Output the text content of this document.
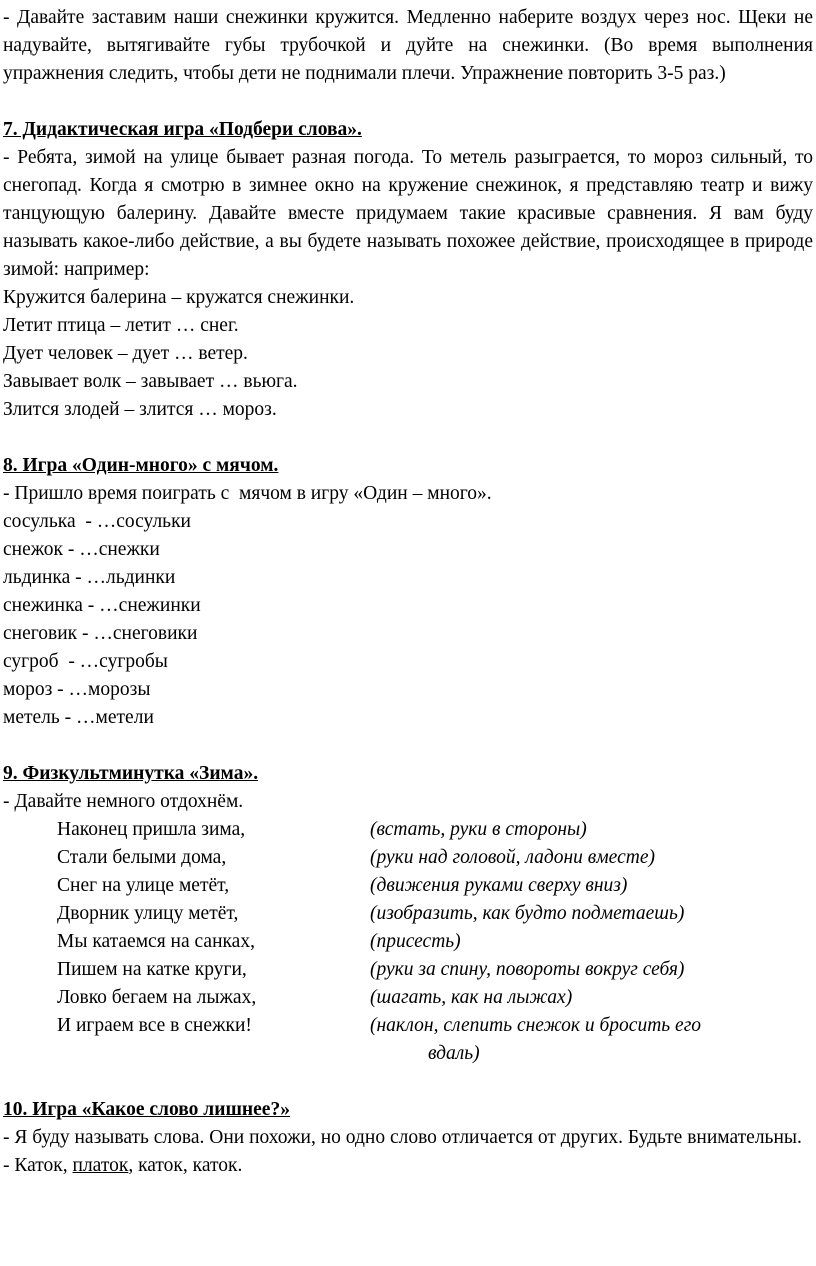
- Давайте заставим наши снежинки кружится. Медленно наберите воздух через нос. Щеки не надувайте, вытягивайте губы трубочкой и дуйте на снежинки. (Во время выполнения упражнения следить, чтобы дети не поднимали плечи. Упражнение повторить 3-5 раз.)

7. Дидактическая игра «Подбери слова».

- Ребята, зимой на улице бывает разная погода. То метель разыграется, то мороз сильный, то снегопад. Когда я смотрю в зимнее окно на кружение снежинок, я представляю театр и вижу танцующую балерину. Давайте вместе придумаем такие красивые сравнения. Я вам буду называть какое-либо действие, а вы будете называть похожее действие, происходящее в природе зимой: например:

Кружится балерина – кружатся снежинки.

Летит птица – летит … снег.

Дует человек – дует … ветер.

Завывает волк – завывает … вьюга.

Злится злодей – злится … мороз.

8. Игра «Один-много» с мячом.

- Пришло время поиграть с  мячом в игру «Один – много».

сосулька  - …сосульки

снежок - …снежки

льдинка - …льдинки

снежинка - …снежинки

снеговик - …снеговики

сугроб  - …сугробы

мороз - …морозы

метель - …метели

9. Физкультминутка «Зима».

- Давайте немного отдохнём.

Наконец пришла зима,	(встать, руки в стороны)
Стали белыми дома,	(руки над головой, ладони вместе)
Снег на улице метёт,	(движения руками сверху вниз)
Дворник улицу метёт,	(изобразить, как будто подметаешь)
Мы катаемся на санках,	(присесть)
Пишем на катке круги,	(руки за спину, повороты вокруг себя)
Ловко бегаем на лыжах,	(шагать, как на лыжах)
И играем все в снежки!	(наклон, слепить снежок и бросить его
вдаль)

10. Игра «Какое слово лишнее?»

- Я буду называть слова. Они похожи, но одно слово отличается от других. Будьте внимательны.

- Каток, платок, каток, каток.
